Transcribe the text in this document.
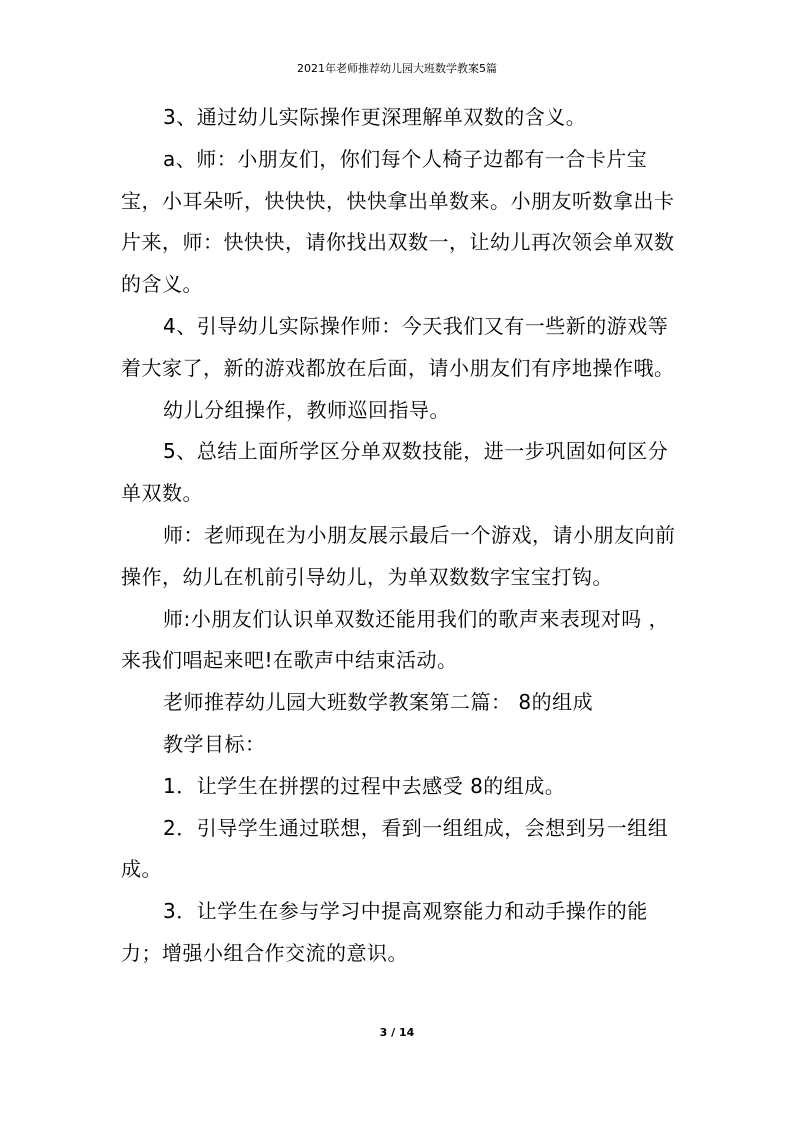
2021年老师推荐幼儿园大班数学教案5篇

3、通过幼儿实际操作更深理解单双数的含义。

a、师：小朋友们，你们每个人椅子边都有一合卡片宝宝，小耳朵听，快快快，快快拿出单数来。小朋友听数拿出卡片来，师：快快快，请你找出双数一，让幼儿再次领会单双数的含义。

4、引导幼儿实际操作师：今天我们又有一些新的游戏等着大家了，新的游戏都放在后面，请小朋友们有序地操作哦。

幼儿分组操作，教师巡回指导。

5、总结上面所学区分单双数技能，进一步巩固如何区分单双数。

师：老师现在为小朋友展示最后一个游戏，请小朋友向前操作，幼儿在机前引导幼儿，为单双数数字宝宝打钩。

师:小朋友们认识单双数还能用我们的歌声来表现对吗 ，来我们唱起来吧!在歌声中结束活动。

老师推荐幼儿园大班数学教案第二篇： 8的组成

教学目标：

1．让学生在拼摆的过程中去感受 8的组成。

2．引导学生通过联想，看到一组组成，会想到另一组组成。

3．让学生在参与学习中提高观察能力和动手操作的能力；增强小组合作交流的意识。

3 / 14
